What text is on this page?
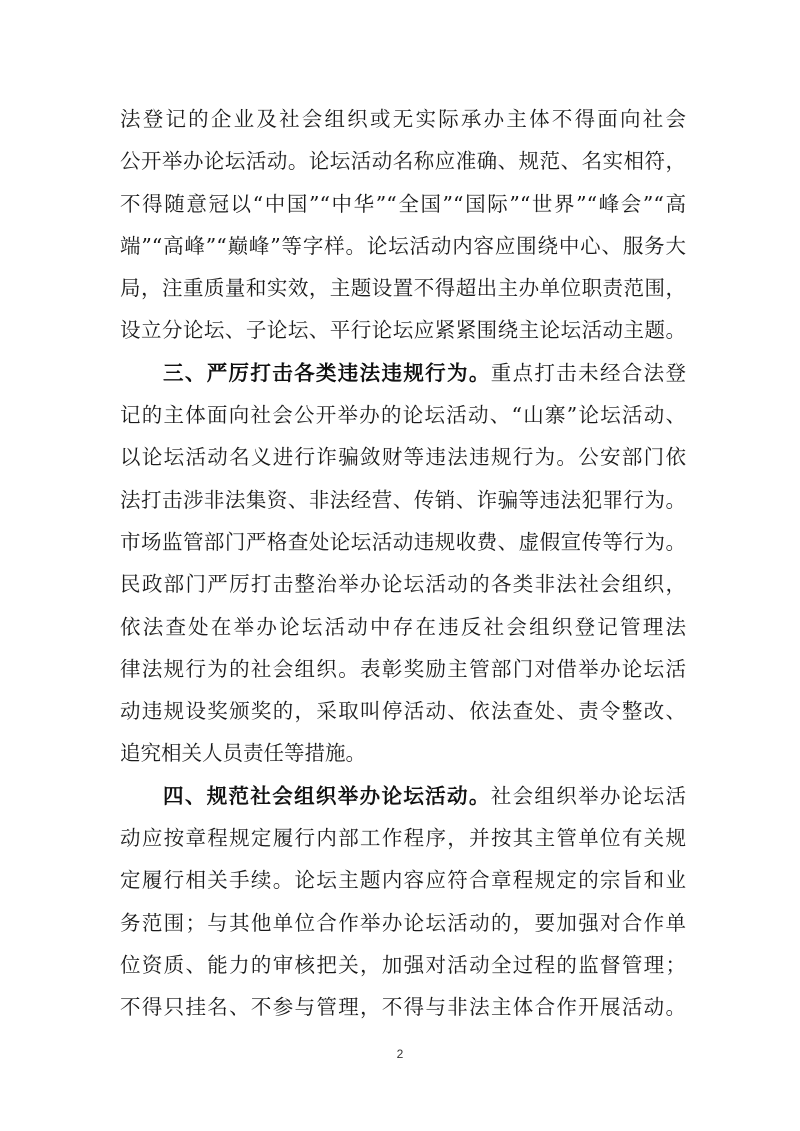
法登记的企业及社会组织或无实际承办主体不得面向社会
公开举办论坛活动。论坛活动名称应准确、规范、名实相符，
不得随意冠以“中国”“中华”“全国”“国际”“世界”“峰会”“高
端”“高峰”“巅峰”等字样。论坛活动内容应围绕中心、服务大
局，注重质量和实效，主题设置不得超出主办单位职责范围，
设立分论坛、子论坛、平行论坛应紧紧围绕主论坛活动主题。
三、严厉打击各类违法违规行为。重点打击未经合法登
记的主体面向社会公开举办的论坛活动、“山寨”论坛活动、
以论坛活动名义进行诈骗敛财等违法违规行为。公安部门依
法打击涉非法集资、非法经营、传销、诈骗等违法犯罪行为。
市场监管部门严格查处论坛活动违规收费、虚假宣传等行为。
民政部门严厉打击整治举办论坛活动的各类非法社会组织，
依法查处在举办论坛活动中存在违反社会组织登记管理法
律法规行为的社会组织。表彰奖励主管部门对借举办论坛活
动违规设奖颁奖的，采取叫停活动、依法查处、责令整改、
追究相关人员责任等措施。
四、规范社会组织举办论坛活动。社会组织举办论坛活
动应按章程规定履行内部工作程序，并按其主管单位有关规
定履行相关手续。论坛主题内容应符合章程规定的宗旨和业
务范围；与其他单位合作举办论坛活动的，要加强对合作单
位资质、能力的审核把关，加强对活动全过程的监督管理；
不得只挂名、不参与管理，不得与非法主体合作开展活动。
2
